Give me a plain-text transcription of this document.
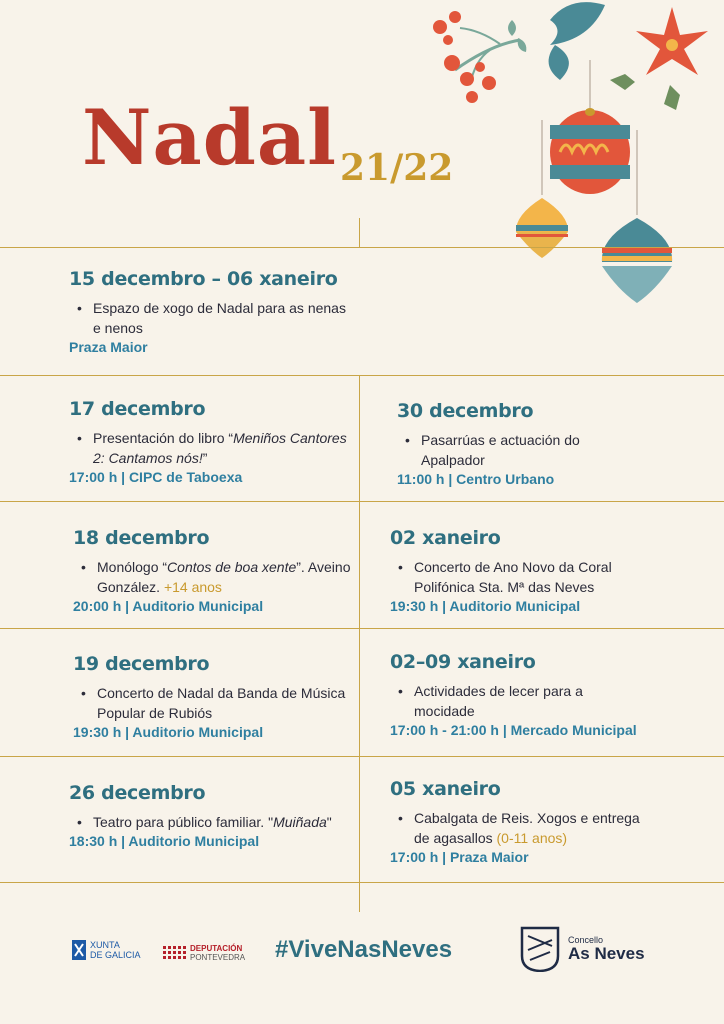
Nadal 21/22
15 decembro – 06 xaneiro
• Espazo de xogo de Nadal para as nenas e nenos
Praza Maior
17 decembro
• Presentación do libro “Meniños Cantores 2: Cantamos nós!”
17:00 h | CIPC de Taboexa
30 decembro
• Pasarrúas e actuación do Apalpador
11:00 h | Centro Urbano
18 decembro
• Monólogo “Contos de boa xente”. Aveino González. +14 anos
20:00 h | Auditorio Municipal
02 xaneiro
• Concerto de Ano Novo da Coral Polifónica Sta. Mª das Neves
19:30 h | Auditorio Municipal
19 decembro
• Concerto de Nadal da Banda de Música Popular de Rubiós
19:30 h | Auditorio Municipal
02–09 xaneiro
• Actividades de lecer para a mocidade
17:00 h - 21:00 h | Mercado Municipal
26 decembro
• Teatro para público familiar. "Muiñada"
18:30 h | Auditorio Municipal
05 xaneiro
• Cabalgata de Reis. Xogos e entrega de agasallos (0-11 anos)
17:00 h | Praza Maior
XUNTA
DE GALICIA
DEPUTACIÓN
PONTEVEDRA #ViveNasNeves	Concello
As Neves
